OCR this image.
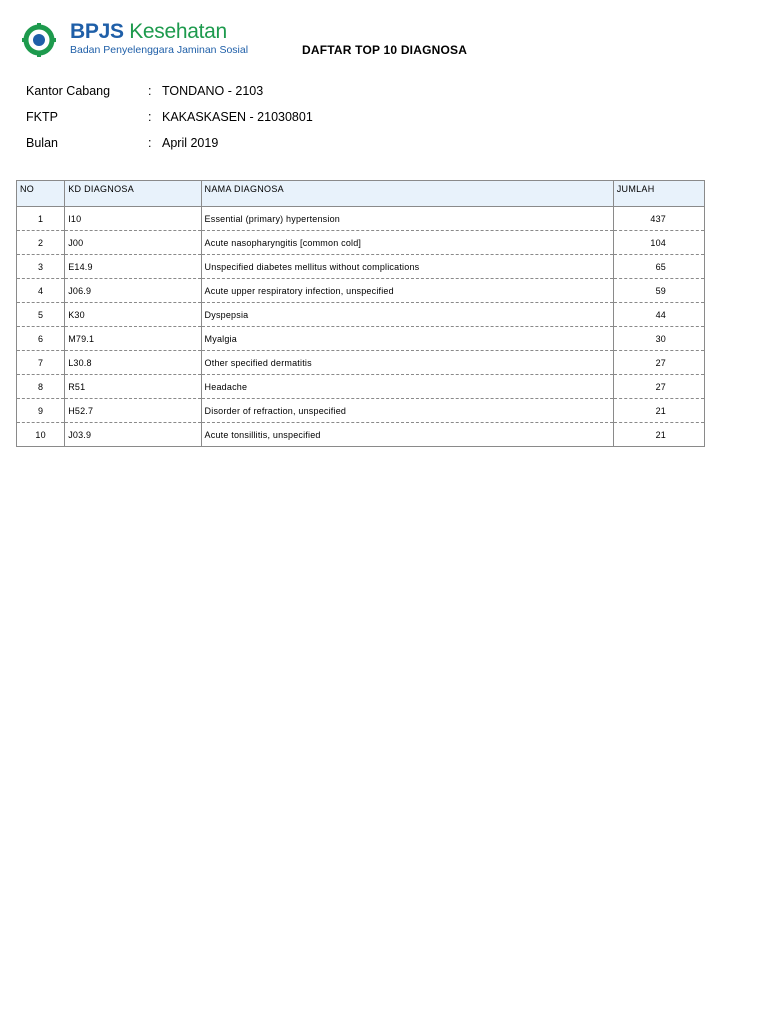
BPJS Kesehatan
Badan Penyelenggara Jaminan Sosial	DAFTAR TOP 10 DIAGNOSA
Kantor Cabang	: TONDANO - 2103
FKTP	: KAKASKASEN - 21030801
Bulan	: April 2019
NO	KD DIAGNOSA	NAMA DIAGNOSA	JUMLAH
1	I10	Essential (primary) hypertension	437
2	J00	Acute nasopharyngitis [common cold]	104
3	E14.9	Unspecified diabetes mellitus without complications	65
4	J06.9	Acute upper respiratory infection, unspecified	59
5	K30	Dyspepsia	44
6	M79.1	Myalgia	30
7	L30.8	Other specified dermatitis	27
8	R51	Headache	27
9	H52.7	Disorder of refraction, unspecified	21
10	J03.9	Acute tonsillitis, unspecified	21
